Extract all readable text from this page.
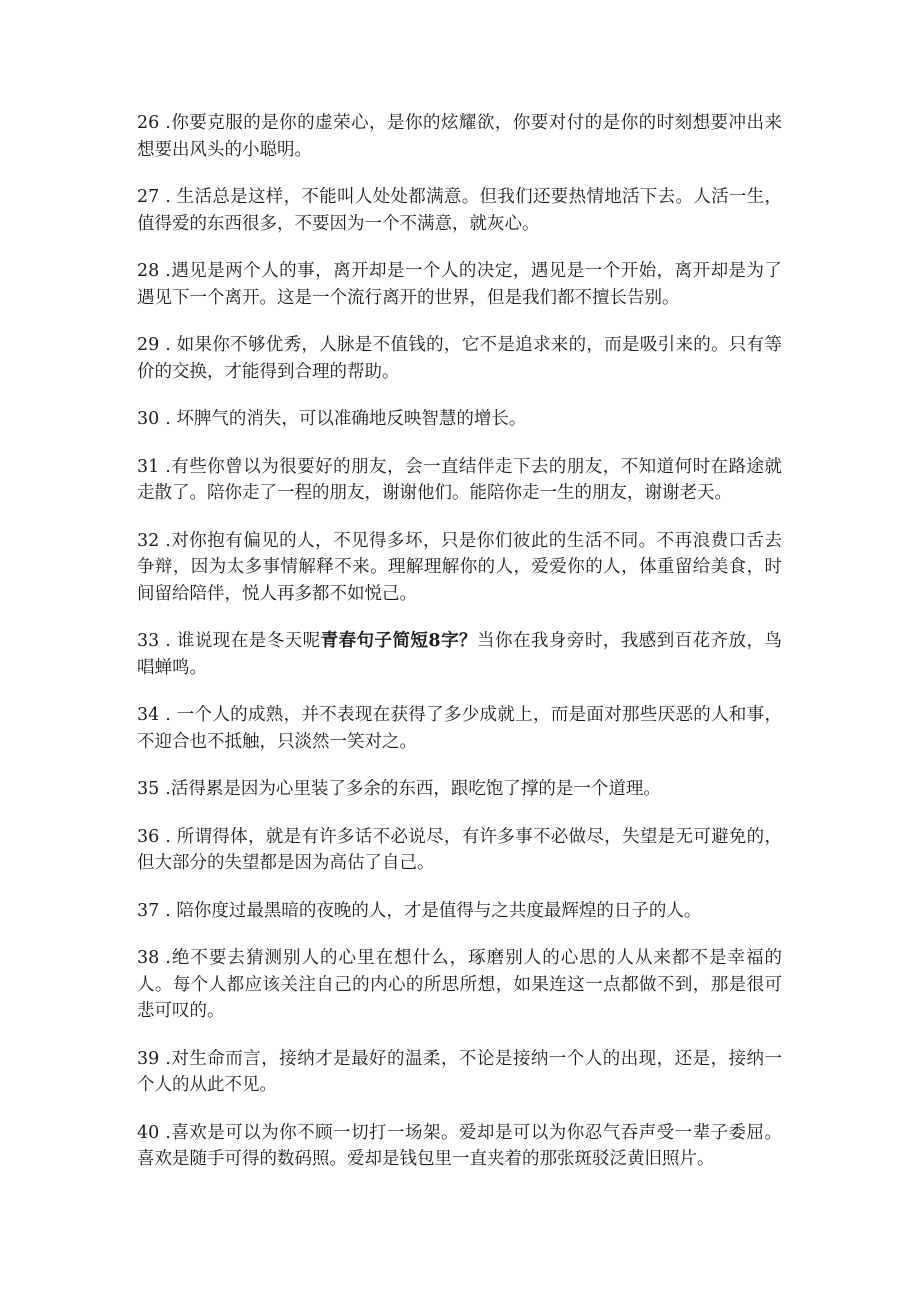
26 .你要克服的是你的虚荣心，是你的炫耀欲，你要对付的是你的时刻想要冲出来想要出风头的小聪明。

27 . 生活总是这样，不能叫人处处都满意。但我们还要热情地活下去。人活一生，值得爱的东西很多，不要因为一个不满意，就灰心。

28 .遇见是两个人的事，离开却是一个人的决定，遇见是一个开始，离开却是为了遇见下一个离开。这是一个流行离开的世界，但是我们都不擅长告别。

29 . 如果你不够优秀，人脉是不值钱的，它不是追求来的，而是吸引来的。只有等价的交换，才能得到合理的帮助。

30 . 坏脾气的消失，可以准确地反映智慧的增长。

31 .有些你曾以为很要好的朋友，会一直结伴走下去的朋友，不知道何时在路途就走散了。陪你走了一程的朋友，谢谢他们。能陪你走一生的朋友，谢谢老天。

32 .对你抱有偏见的人，不见得多坏，只是你们彼此的生活不同。不再浪费口舌去争辩，因为太多事情解释不来。理解理解你的人，爱爱你的人，体重留给美食，时间留给陪伴，悦人再多都不如悦己。

33 . 谁说现在是冬天呢青春句子简短8字？当你在我身旁时，我感到百花齐放，鸟唱蝉鸣。

34 . 一个人的成熟，并不表现在获得了多少成就上，而是面对那些厌恶的人和事，不迎合也不抵触，只淡然一笑对之。

35 .活得累是因为心里装了多余的东西，跟吃饱了撑的是一个道理。

36 . 所谓得体，就是有许多话不必说尽，有许多事不必做尽，失望是无可避免的，但大部分的失望都是因为高估了自己。

37 . 陪你度过最黑暗的夜晚的人，才是值得与之共度最辉煌的日子的人。

38 .绝不要去猜测别人的心里在想什么，琢磨别人的心思的人从来都不是幸福的人。每个人都应该关注自己的内心的所思所想，如果连这一点都做不到，那是很可悲可叹的。

39 .对生命而言，接纳才是最好的温柔，不论是接纳一个人的出现，还是，接纳一个人的从此不见。

40 .喜欢是可以为你不顾一切打一场架。爱却是可以为你忍气吞声受一辈子委屈。喜欢是随手可得的数码照。爱却是钱包里一直夹着的那张斑驳泛黄旧照片。
